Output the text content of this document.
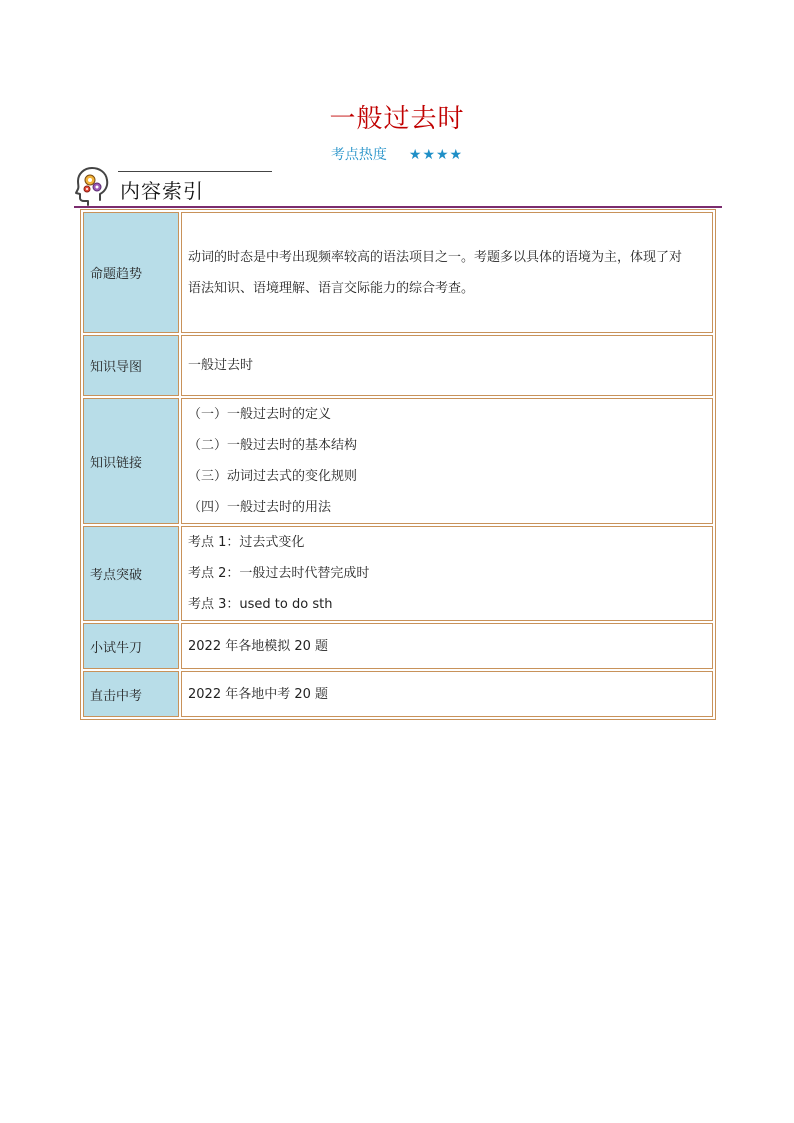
一般过去时
考点热度 ★★★★
内容索引
命题趋势	动词的时态是中考出现频率较高的语法项目之一。考题多以具体的语境为主，体现了对
语法知识、语境理解、语言交际能力的综合考查。

知识导图	一般过去时

知识链接	（一）一般过去时的定义
（二）一般过去时的基本结构
（三）动词过去式的变化规则
（四）一般过去时的用法

考点突破	考点 1：过去式变化
考点 2：一般过去时代替完成时
考点 3：used to do sth

小试牛刀	2022 年各地模拟 20 题

直击中考	2022 年各地中考 20 题
